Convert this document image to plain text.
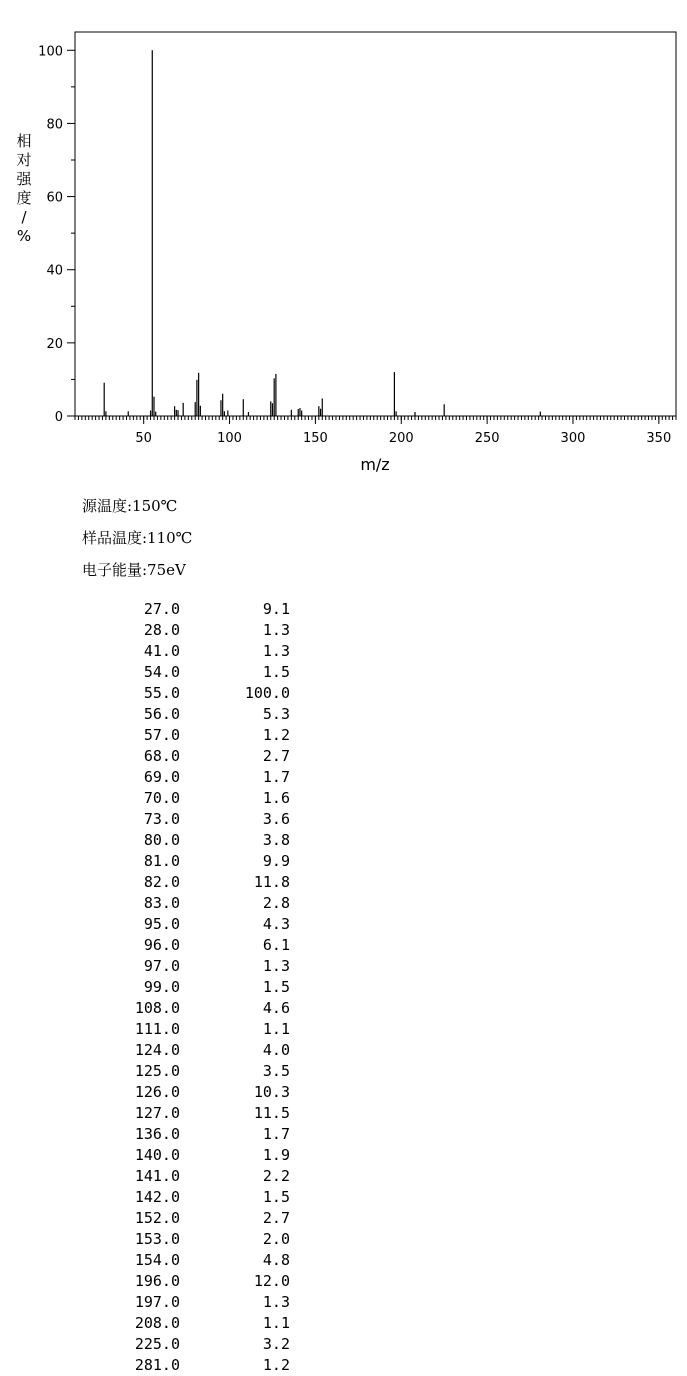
50	100	150	200	250	300	350
0
20
40
60
80
100
m/z
相
对
强
度
/
%
源温度:150℃
样品温度:110℃
电子能量:75eV
27.0	9.1
28.0	1.3
41.0	1.3
54.0	1.5
55.0	100.0
56.0	5.3
57.0	1.2
68.0	2.7
69.0	1.7
70.0	1.6
73.0	3.6
80.0	3.8
81.0	9.9
82.0	11.8
83.0	2.8
95.0	4.3
96.0	6.1
97.0	1.3
99.0	1.5
108.0	4.6
111.0	1.1
124.0	4.0
125.0	3.5
126.0	10.3
127.0	11.5
136.0	1.7
140.0	1.9
141.0	2.2
142.0	1.5
152.0	2.7
153.0	2.0
154.0	4.8
196.0	12.0
197.0	1.3
208.0	1.1
225.0	3.2
281.0	1.2
